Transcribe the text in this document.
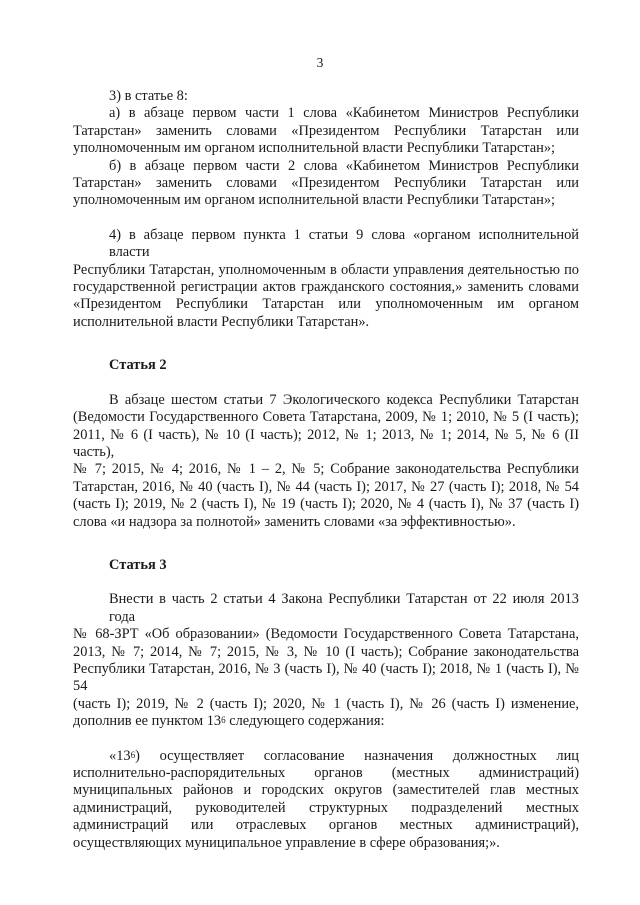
3

3) в статье 8:

а) в абзаце первом части 1 слова «Кабинетом Министров Республики

Татарстан» заменить словами «Президентом Республики Татарстан или

уполномоченным им органом исполнительной власти Республики Татарстан»;

б) в абзаце первом части 2 слова «Кабинетом Министров Республики

Татарстан» заменить словами «Президентом Республики Татарстан или

уполномоченным им органом исполнительной власти Республики Татарстан»;

4) в абзаце первом пункта 1 статьи 9 слова «органом исполнительной власти

Республики Татарстан, уполномоченным в области управления деятельностью по

государственной регистрации актов гражданского состояния,» заменить словами

«Президентом Республики Татарстан или уполномоченным им органом

исполнительной власти Республики Татарстан».

Статья 2

В абзаце шестом статьи 7 Экологического кодекса Республики Татарстан

(Ведомости Государственного Совета Татарстана, 2009, № 1; 2010, № 5 (I часть);

2011, № 6 (I часть), № 10 (I часть); 2012, № 1; 2013, № 1; 2014, № 5, № 6 (II часть),

№ 7; 2015, № 4; 2016, № 1 – 2, № 5; Собрание законодательства Республики

Татарстан, 2016, № 40 (часть I), № 44 (часть I); 2017, № 27 (часть I); 2018, № 54

(часть I); 2019, № 2 (часть I), № 19 (часть I); 2020, № 4 (часть I), № 37 (часть I)

слова «и надзора за полнотой» заменить словами «за эффективностью».

Статья 3

Внести в часть 2 статьи 4 Закона Республики Татарстан от 22 июля 2013 года

№ 68-ЗРТ «Об образовании» (Ведомости Государственного Совета Татарстана,

2013, № 7; 2014, № 7; 2015, № 3, № 10 (I часть); Собрание законодательства

Республики Татарстан, 2016, № 3 (часть I), № 40 (часть I); 2018, № 1 (часть I), № 54

(часть I); 2019, № 2 (часть I); 2020, № 1 (часть I), № 26 (часть I) изменение,

дополнив ее пунктом $13^6$ следующего содержания:

«$13^6$) осуществляет согласование назначения должностных лиц

исполнительно-распорядительных органов (местных администраций)

муниципальных районов и городских округов (заместителей глав местных

администраций, руководителей структурных подразделений местных

администраций или отраслевых органов местных администраций),

осуществляющих муниципальное управление в сфере образования;».
